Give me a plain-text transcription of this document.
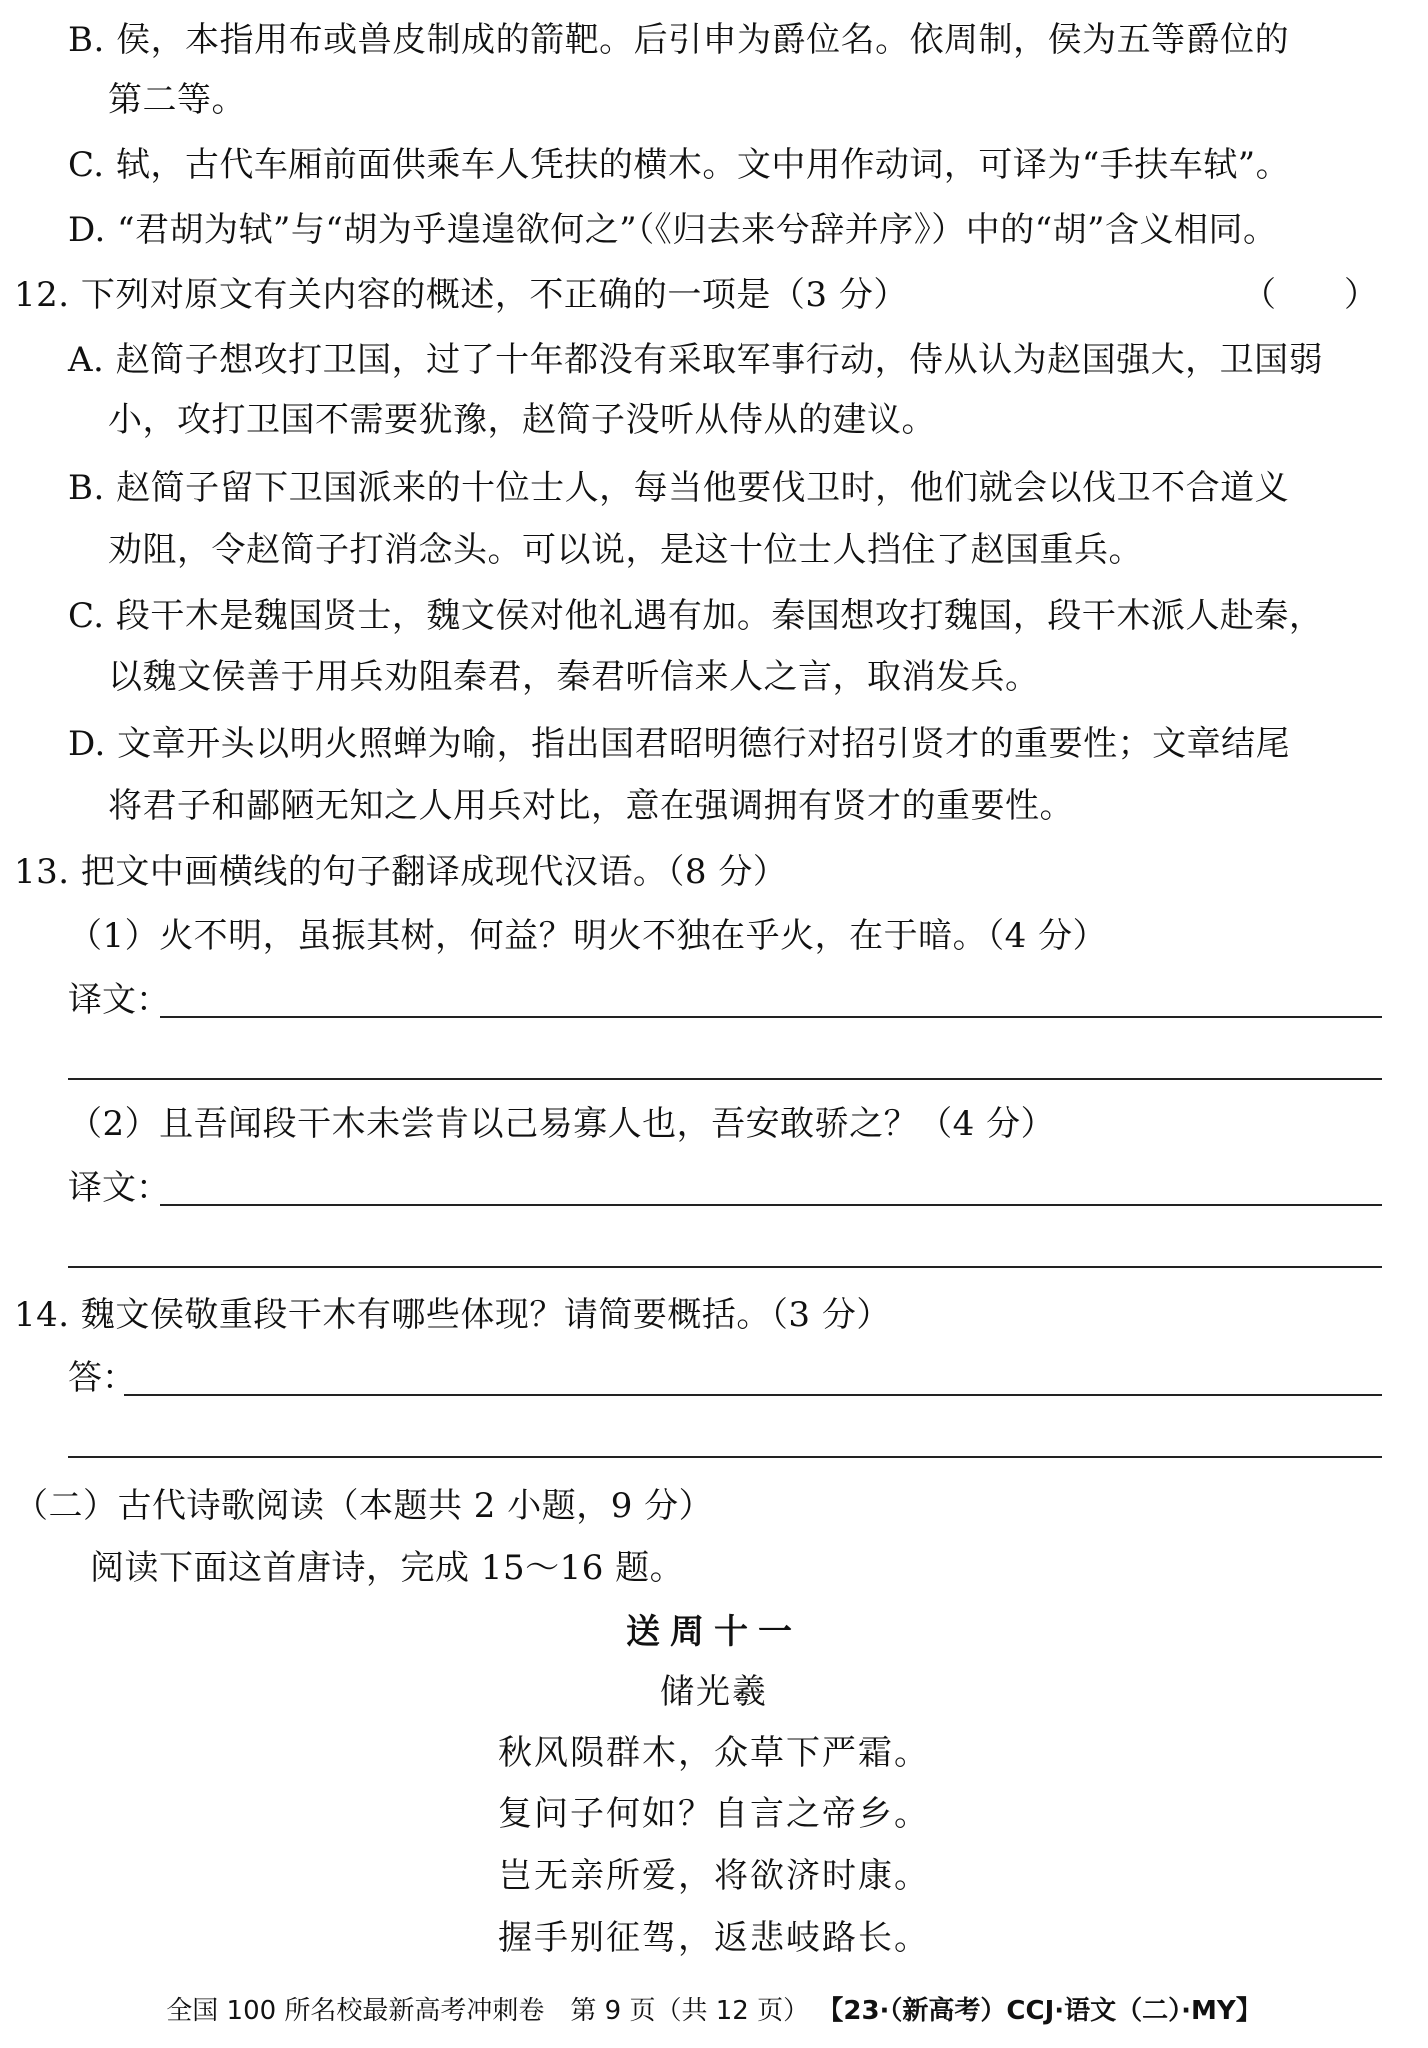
B. 侯，本指用布或兽皮制成的箭靶。后引申为爵位名。依周制，侯为五等爵位的
第二等。
C. 轼，古代车厢前面供乘车人凭扶的横木。文中用作动词，可译为“手扶车轼”。
D. “君胡为轼”与“胡为乎遑遑欲何之”（《归去来兮辞并序》）中的“胡”含义相同。
12. 下列对原文有关内容的概述，不正确的一项是（3 分）	（　　）
A. 赵简子想攻打卫国，过了十年都没有采取军事行动，侍从认为赵国强大，卫国弱
小，攻打卫国不需要犹豫，赵简子没听从侍从的建议。
B. 赵简子留下卫国派来的十位士人，每当他要伐卫时，他们就会以伐卫不合道义
劝阻，令赵简子打消念头。可以说，是这十位士人挡住了赵国重兵。
C. 段干木是魏国贤士，魏文侯对他礼遇有加。秦国想攻打魏国，段干木派人赴秦，
以魏文侯善于用兵劝阻秦君，秦君听信来人之言，取消发兵。
D. 文章开头以明火照蝉为喻，指出国君昭明德行对招引贤才的重要性；文章结尾
将君子和鄙陋无知之人用兵对比，意在强调拥有贤才的重要性。
13. 把文中画横线的句子翻译成现代汉语。（8 分）
（1）火不明，虽振其树，何益？明火不独在乎火，在于暗。（4 分）
译文：
（2）且吾闻段干木未尝肯以己易寡人也，吾安敢骄之？（4 分）
译文：
14. 魏文侯敬重段干木有哪些体现？请简要概括。（3 分）
答：
（二）古代诗歌阅读（本题共 2 小题，9 分）
阅读下面这首唐诗，完成 15～16 题。
送周十一
储光羲
秋风陨群木，众草下严霜。
复问子何如？自言之帝乡。
岂无亲所爱，将欲济时康。
握手别征驾，返悲岐路长。
全国 100 所名校最新高考冲刺卷　第 9 页（共 12 页） 【23·（新高考）CCJ·语文（二）·MY】
